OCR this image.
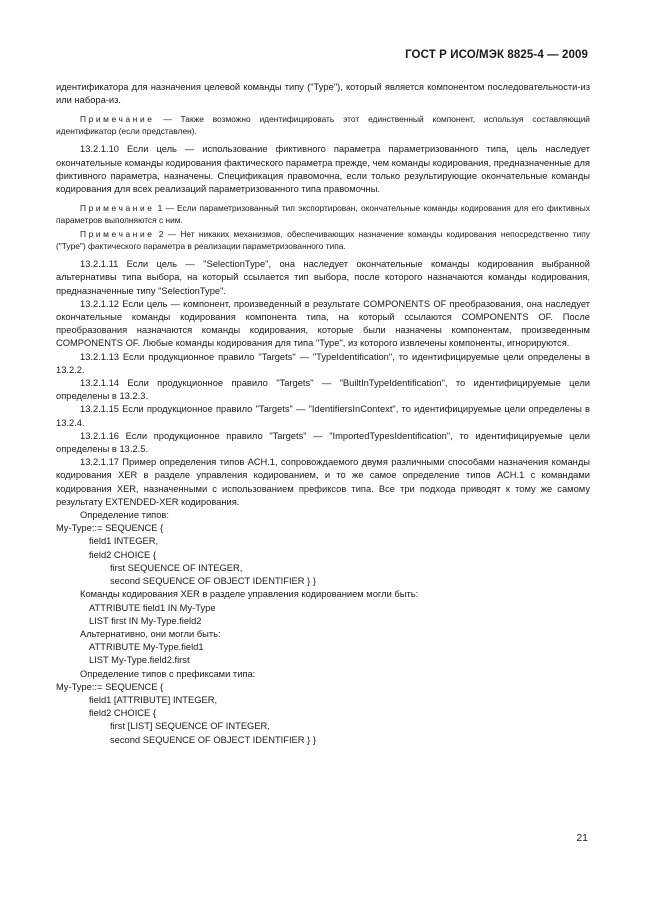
ГОСТ Р ИСО/МЭК 8825-4 — 2009

идентификатора для назначения целевой команды типу ("Type"), который является компонентом последовательности-из или набора-из.

Примечание — Также возможно идентифицировать этот единственный компонент, используя составляющий идентификатор (если представлен).

13.2.1.10 Если цель — использование фиктивного параметра параметризованного типа, цель наследует окончательные команды кодирования фактического параметра прежде, чем команды кодирования, предназначенные для фиктивного параметра, назначены. Спецификация правомочна, если только результирующие окончательные команды кодирования для всех реализаций параметризованного типа правомочны.

Примечание 1 — Если параметризованный тип экспортирован, окончательные команды кодирования для его фиктивных параметров выполняются с ним.

Примечание 2 — Нет никаких механизмов, обеспечивающих назначение команды кодирования непосредственно типу ("Type") фактического параметра в реализации параметризованного типа.

13.2.1.11 Если цель — "SelectionType", она наследует окончательные команды кодирования выбранной альтернативы типа выбора, на который ссылается тип выбора, после которого назначаются команды кодирования, предназначенные типу "SelectionType".

13.2.1.12 Если цель — компонент, произведенный в результате COMPONENTS OF преобразования, она наследует окончательные команды кодирования компонента типа, на который ссылаются COMPONENTS OF. После преобразования назначаются команды кодирования, которые были назначены компонентам, произведенным COMPONENTS OF. Любые команды кодирования для типа "Type", из которого извлечены компоненты, игнорируются.

13.2.1.13 Если продукционное правило "Targets" — "TypeIdentification", то идентифицируемые цели определены в 13.2.2.

13.2.1.14 Если продукционное правило "Targets" — "BuiltInTypeIdentification", то идентифицируемые цели определены в 13.2.3.

13.2.1.15 Если продукционное правило "Targets" — "IdentifiersInContext", то идентифицируемые цели определены в 13.2.4.

13.2.1.16 Если продукционное правило "Targets" — "ImportedTypesIdentification", то идентифицируемые цели определены в 13.2.5.

13.2.1.17 Пример определения типов АСН.1, сопровождаемого двумя различными способами назначения команды кодирования XER в разделе управления кодированием, и то же самое определение типов АСН.1 с командами кодирования XER, назначенными с использованием префиксов типа. Все три подхода приводят к тому же самому результату EXTENDED-XER кодирования.

Определение типов:

My-Type::= SEQUENCE {

field1 INTEGER,

field2 CHOICE {

first SEQUENCE OF INTEGER,

second SEQUENCE OF OBJECT IDENTIFIER } }

Команды кодирования XER в разделе управления кодированием могли быть:

ATTRIBUTE field1 IN My-Type

LIST first IN My-Type.field2

Альтернативно, они могли быть:

ATTRIBUTE My-Type.field1

LIST My-Type.field2.first

Определение типов с префиксами типа:

My-Type::= SEQUENCE {

field1 [ATTRIBUTE] INTEGER,

field2 CHOICE {

first [LIST] SEQUENCE OF INTEGER,

second SEQUENCE OF OBJECT IDENTIFIER } }

21
